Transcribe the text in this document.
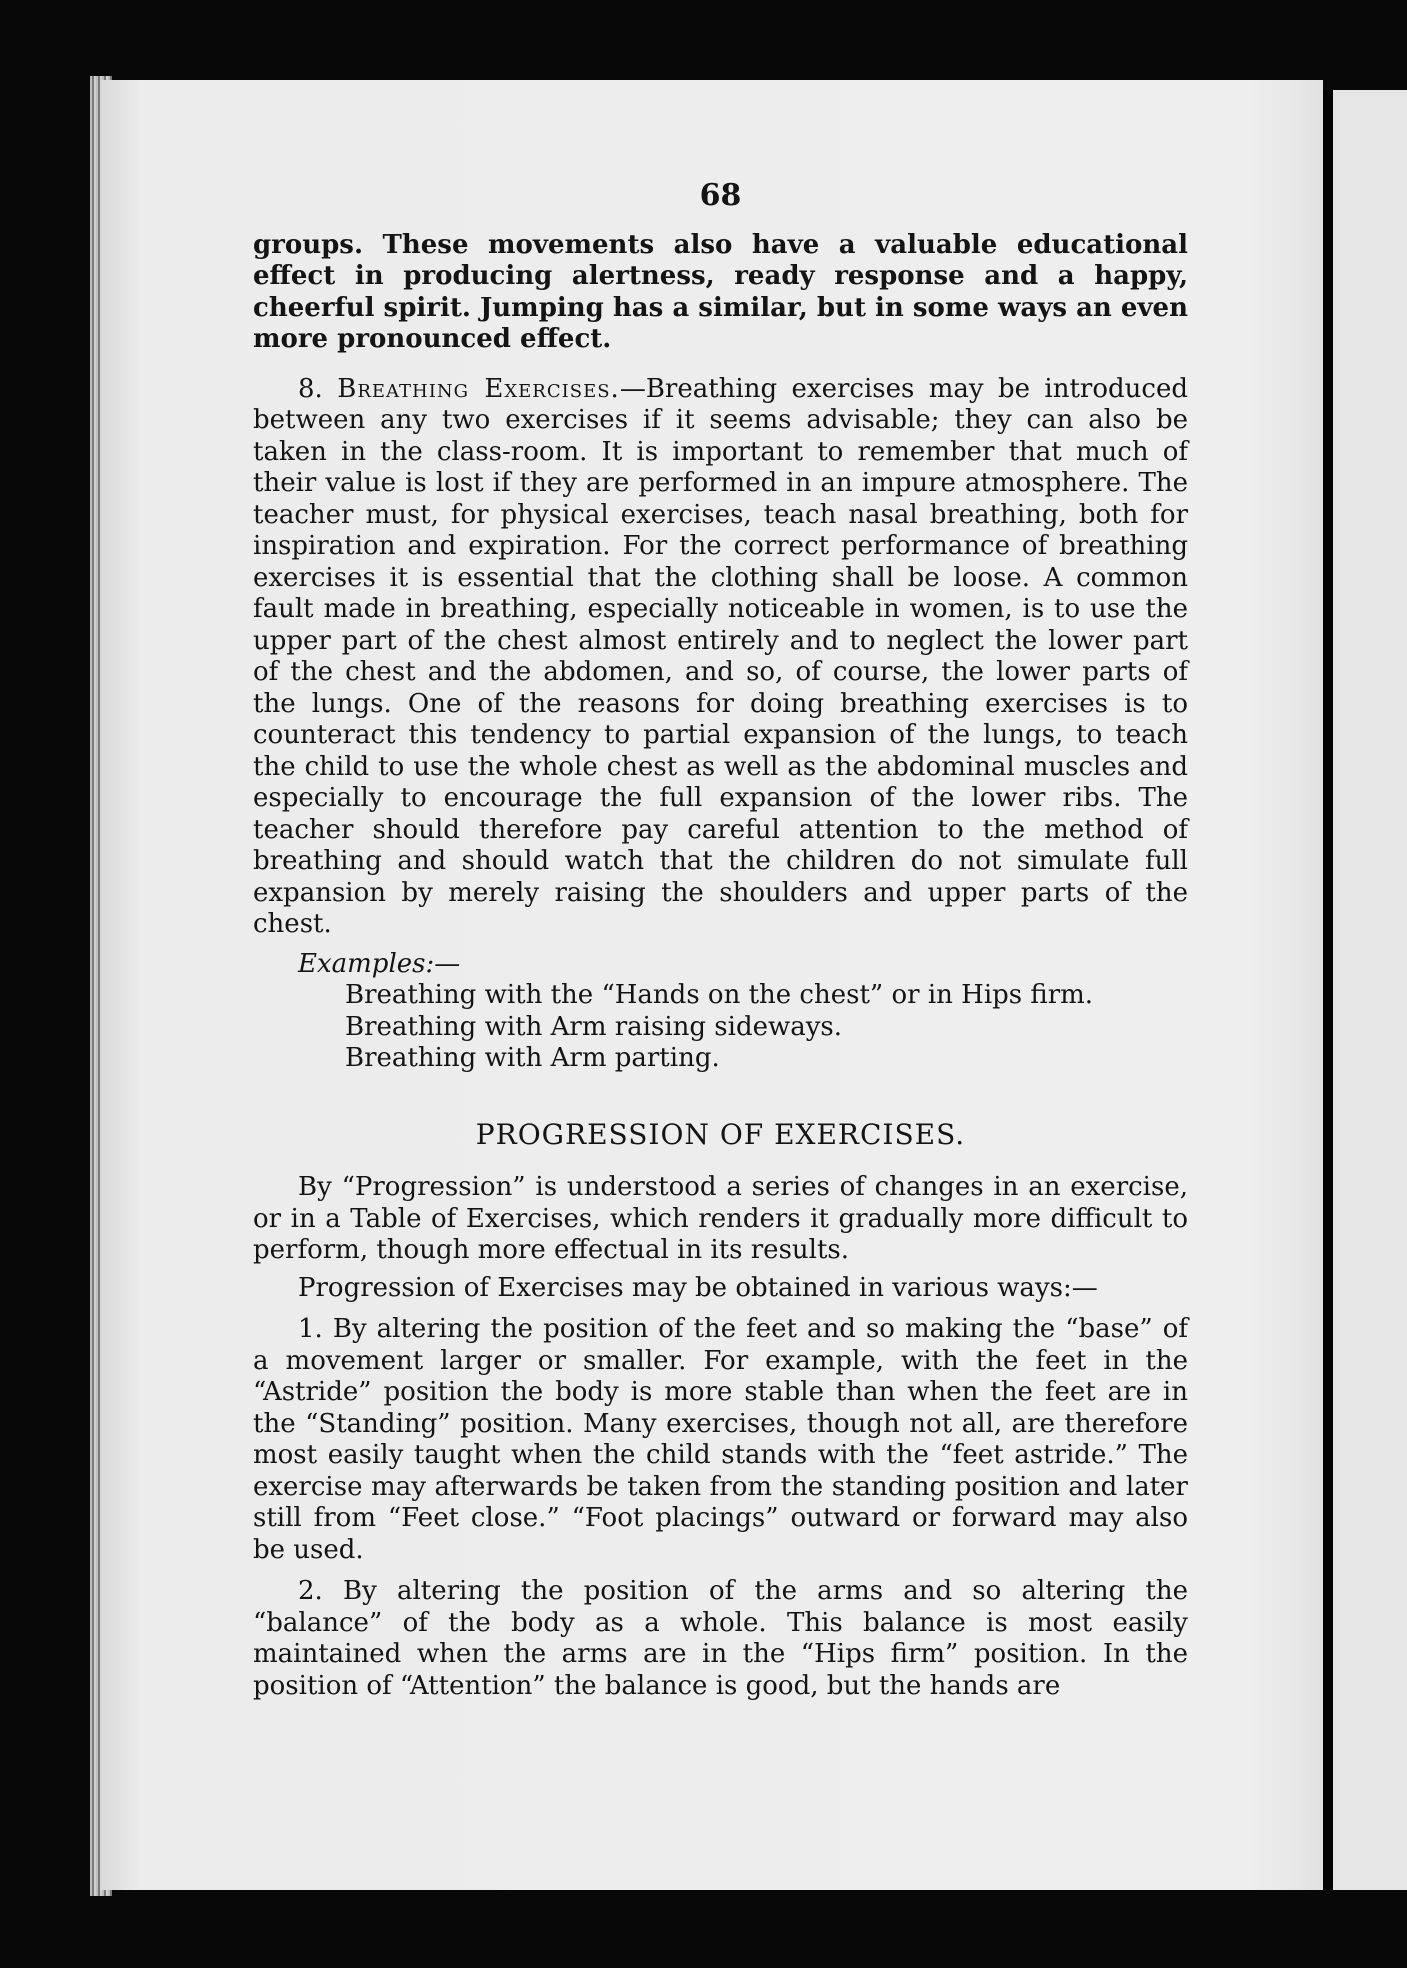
68

groups. These movements also have a valuable educational effect in producing alertness, ready response and a happy, cheerful spirit. Jumping has a similar, but in some ways an even more pronounced effect.

8. Breathing Exercises.—Breathing exercises may be introduced between any two exercises if it seems advisable; they can also be taken in the class-room. It is important to remember that much of their value is lost if they are performed in an impure atmosphere. The teacher must, for physical exercises, teach nasal breathing, both for inspiration and expiration. For the correct performance of breathing exercises it is essential that the clothing shall be loose. A common fault made in breathing, especially noticeable in women, is to use the upper part of the chest almost entirely and to neglect the lower part of the chest and the abdomen, and so, of course, the lower parts of the lungs. One of the reasons for doing breathing exercises is to counteract this tendency to partial expansion of the lungs, to teach the child to use the whole chest as well as the abdominal muscles and especially to encourage the full expansion of the lower ribs. The teacher should therefore pay careful attention to the method of breathing and should watch that the children do not simulate full expansion by merely raising the shoulders and upper parts of the chest.

Examples:—

Breathing with the “Hands on the chest” or in Hips firm.
Breathing with Arm raising sideways.
Breathing with Arm parting.
PROGRESSION OF EXERCISES.

By “Progression” is understood a series of changes in an exercise, or in a Table of Exercises, which renders it gradually more difficult to perform, though more effectual in its results.

Progression of Exercises may be obtained in various ways:—

1. By altering the position of the feet and so making the “base” of a movement larger or smaller. For example, with the feet in the “Astride” position the body is more stable than when the feet are in the “Standing” position. Many exercises, though not all, are therefore most easily taught when the child stands with the “feet astride.” The exercise may afterwards be taken from the standing position and later still from “Feet close.” “Foot placings” outward or forward may also be used.

2. By altering the position of the arms and so altering the “balance” of the body as a whole. This balance is most easily maintained when the arms are in the “Hips firm” position. In the position of “Attention” the balance is good, but the hands are
